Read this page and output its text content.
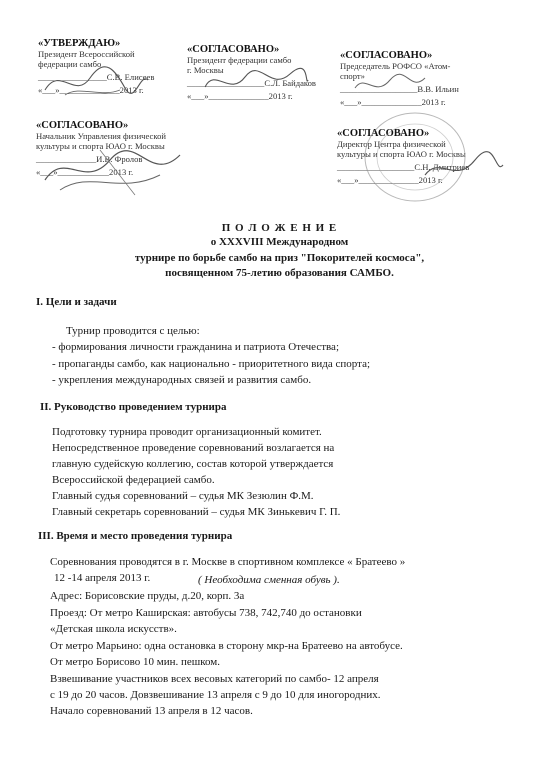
«УТВЕРЖДАЮ»
Президент Всероссийской
федерации самбо
________________С.В. Елисеев
«___»______________2013 г.
«СОГЛАСОВАНО»
Президент федерации самбо
г. Москвы
__________________С.Л. Байдаков
«___»______________2013 г.
«СОГЛАСОВАНО»
Председатель РОФСО «Атом-
спорт»
__________________В.В. Ильин
«___»______________2013 г.
«СОГЛАСОВАНО»
Начальник Управления физической
культуры и спорта ЮАО г. Москвы
______________И.В. Фролов
«___»____________2013 г.
«СОГЛАСОВАНО»
Директор Центра физической
культуры и спорта ЮАО г. Москвы
__________________С.Н. Дмитриев
«___»______________2013 г.
П О Л О Ж Е Н И Е
о XXXVIII Международном
турнире по борьбе самбо на приз "Покорителей космоса",
посвященном 75-летию образования САМБО.
I. Цели и задачи
Турнир проводится с целью:
- формирования личности гражданина и патриота Отечества;
- пропаганды самбо, как национально - приоритетного вида спорта;
- укрепления международных связей и развития самбо.
II. Руководство проведением турнира
Подготовку турнира проводит организационный комитет.
Непосредственное проведение соревнований возлагается на
главную судейскую коллегию, состав которой утверждается
Всероссийской федерацией самбо.
Главный судья соревнований – судья МК Зезюлин Ф.М.
Главный секретарь соревнований – судья МК Зинькевич Г. П.
III. Время и место проведения турнира
Соревнования проводятся в г. Москве в спортивном комплексе « Братеево »
12 -14 апреля 2013 г.	( Необходима сменная обувь ).
Адрес: Борисовские пруды, д.20, корп. 3а
Проезд: От метро Каширская: автобусы 738, 742,740 до остановки
«Детская школа искусств».
От метро Марьино: одна остановка в сторону мкр-на Братеево на автобусе.
От метро Борисово 10 мин. пешком.
Взвешивание участников всех весовых категорий по самбо- 12 апреля
с 19 до 20 часов. Довзвешивание 13 апреля с 9 до 10 для иногородних.
Начало соревнований 13 апреля в 12 часов.
